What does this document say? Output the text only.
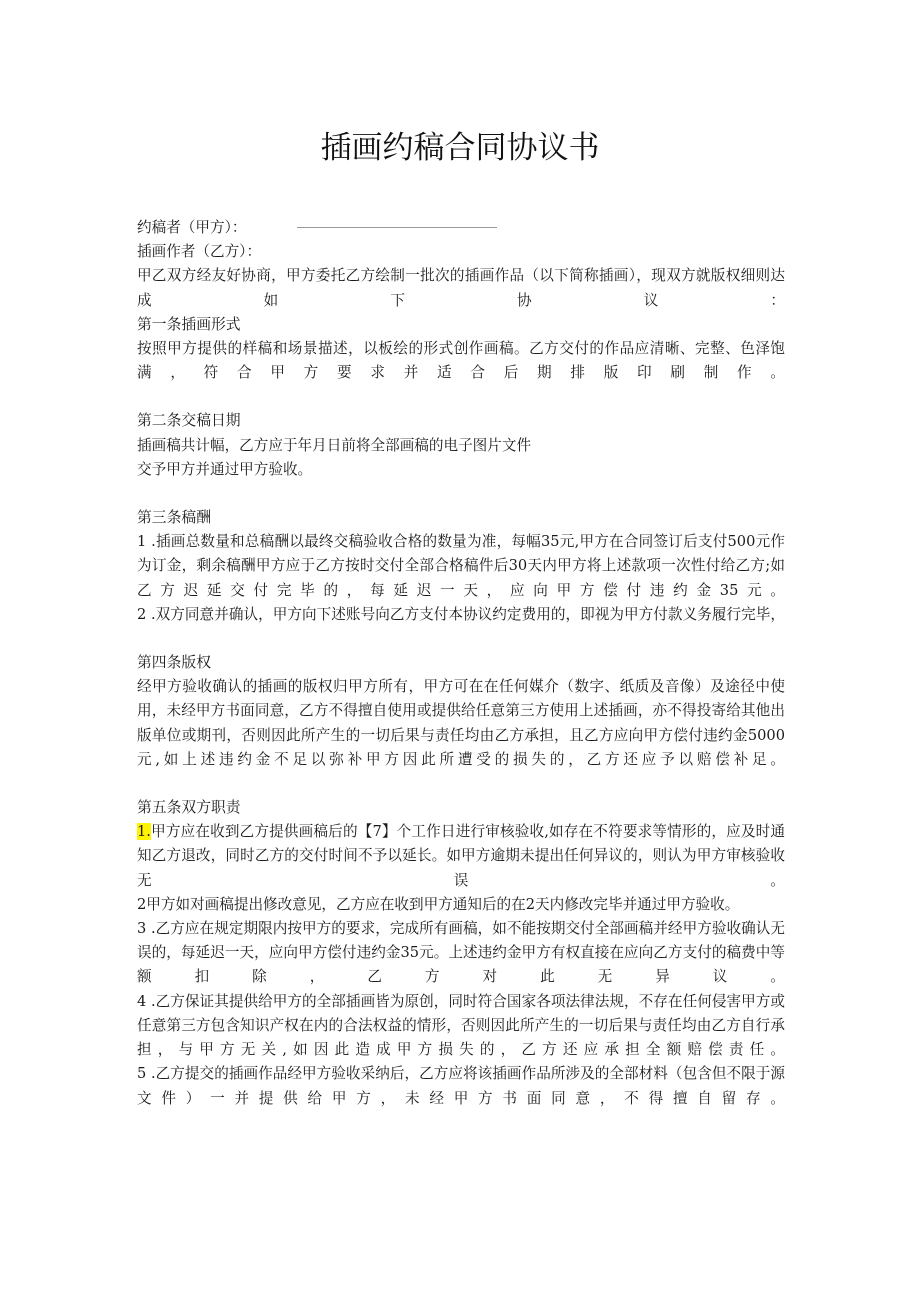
插画约稿合同协议书
约稿者（甲方）：
插画作者（乙方）：

甲乙双方经友好协商，甲方委托乙方绘制一批次的插画作品（以下简称插画），现双方就版权细则达成如下协议：

第一条插画形式

按照甲方提供的样稿和场景描述，以板绘的形式创作画稿。乙方交付的作品应清晰、完整、色泽饱满，符合甲方要求并适合后期排版印刷制作。

第二条交稿日期
插画稿共计幅，乙方应于年月日前将全部画稿的电子图片文件
交予甲方并通过甲方验收。
第三条稿酬

1 .插画总数量和总稿酬以最终交稿验收合格的数量为准，每幅35元,甲方在合同签订后支付500元作为订金，剩余稿酬甲方应于乙方按时交付全部合格稿件后30天内甲方将上述款项一次性付给乙方;如乙方迟延交付完毕的，每延迟一天，应向甲方偿付违约金35元。

2 .双方同意并确认，甲方向下述账号向乙方支付本协议约定费用的，即视为甲方付款义务履行完毕，

第四条版权

经甲方验收确认的插画的版权归甲方所有，甲方可在在任何媒介（数字、纸质及音像）及途径中使用，未经甲方书面同意，乙方不得擅自使用或提供给任意第三方使用上述插画，亦不得投寄给其他出版单位或期刊，否则因此所产生的一切后果与责任均由乙方承担，且乙方应向甲方偿付违约金5000元,如上述违约金不足以弥补甲方因此所遭受的损失的，乙方还应予以赔偿补足。

第五条双方职责

1.甲方应在收到乙方提供画稿后的【7】个工作日进行审核验收,如存在不符要求等情形的，应及时通知乙方退改，同时乙方的交付时间不予以延长。如甲方逾期未提出任何异议的，则认为甲方审核验收无误。

2甲方如对画稿提出修改意见，乙方应在收到甲方通知后的在2天内修改完毕并通过甲方验收。

3 .乙方应在规定期限内按甲方的要求，完成所有画稿，如不能按期交付全部画稿并经甲方验收确认无误的，每延迟一天，应向甲方偿付违约金35元。上述违约金甲方有权直接在应向乙方支付的稿费中等额扣除，乙方对此无异议。

4 .乙方保证其提供给甲方的全部插画皆为原创，同时符合国家各项法律法规，不存在任何侵害甲方或任意第三方包含知识产权在内的合法权益的情形，否则因此所产生的一切后果与责任均由乙方自行承担，与甲方无关,如因此造成甲方损失的，乙方还应承担全额赔偿责任。

5 .乙方提交的插画作品经甲方验收采纳后，乙方应将该插画作品所涉及的全部材料（包含但不限于源文件）一并提供给甲方，未经甲方书面同意，不得擅自留存。
